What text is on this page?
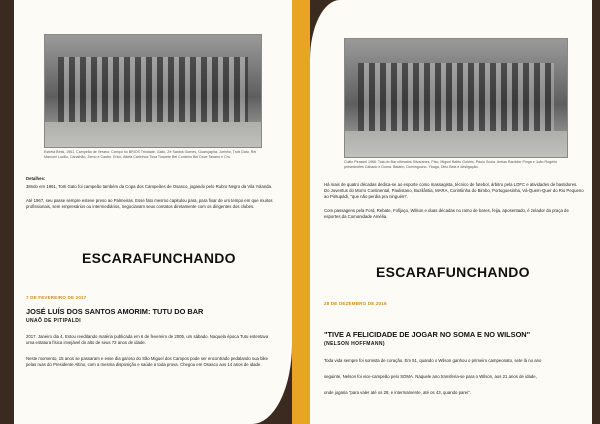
Estrela Betis, 1961. Campeão de Verano: Campo no BRIOS Trindade, Gallo, Zé Santos Gomes, Guarujapira, Jorinho, Trott Gato, Rei Marconi Lucilio, Canalhão, Zemo e Castro. Erico, Atleta Carlinhos Tosa Tinarete Bel Cordeiro Bel Doce Tavano e Cru.
Detalhes:
38ndo em 1961, Torti Gato foi campeão também da Copa dos Campeões de Osasco, jogando pelo Rubro Negro da Vila Yolanda.
Até 1967, seu passe sempre esteve preso ao Palmeiras. Esse fato mesmo capitulou para, para fixar de um tempo em que muitos profissionais, sem empresários ou intermediários, negociavam seus contatos diretamente com os dirigentes dos clubes.
ESCARAFUNCHANDO
7 DE FEVEREIRO DE 2017
JOSÉ LUÍS DOS SANTOS AMORIM: TUTU DO BAR
UNAÕ DE PITIPALDI
2017. Janeiro dia 4. Estou reeditando matéria publicada em 6 de fevereiro de 2005, um sábado. Naquela época Tutu estentava uma estatura física invejável do alto de seus 72 anos de idade.
Neste momento, 15 anos se passaram e esse dia garoso do São Miguel dos Campos pode ser encontrado pedalando sua bike pelas ruas do Presidente Altino, com a mesma disposição e saúde a toda prova. Chegou em Osasco aos 14 anos de idade.
Cultin Pirassol 1966. Tota do Bar ultimatos Silvaranes. Piso, Miguel Batitu Goldrio, Paulo Scola. Areias Rambler Pinga e João Rogério presedentes Cabado e Doma. Batarin, Domingocho. Ybaga, Dirio Bela e desligação.
Há mais de quatro décadas dedica-se ao esporte como massagista, técnico de futebol, árbitro pela LOFC e atividades de bastidores. Do Juventus do Morro Continental, Paulistano, Buzilântia, MARA, Corintiinha do Bimbo, Portuguesinha, Vá-Quem-Quer do Rio Pequeno ao Piritupádi, "que não perdia pra ninguém".
Com passagens pela Ford, Rebate, Fofijaço, Wilson e duas décadas no ramo de bares, feija, aposentado, é zelador da praça de esportes da Comunidade Amélia.
ESCARAFUNCHANDO
28 DE DEZEMBRO DE 2016
"TIVE A FELICIDADE DE JOGAR NO SOMA E NO WILSON"
(NELSON HOFFMANN)
Toda vida sempre foi somista de coração. Em 51, quando o Wilson ganhou o primeiro campeonato, sete lá no ano
seguinte, Nelson foi vice-campeão pelo SOMA. Naquele ano transferia-se para o Wilson, aos 21 anos de idade,
onde jogaria "para valer até os 28, e intermamente, até os 43, quando parei".
